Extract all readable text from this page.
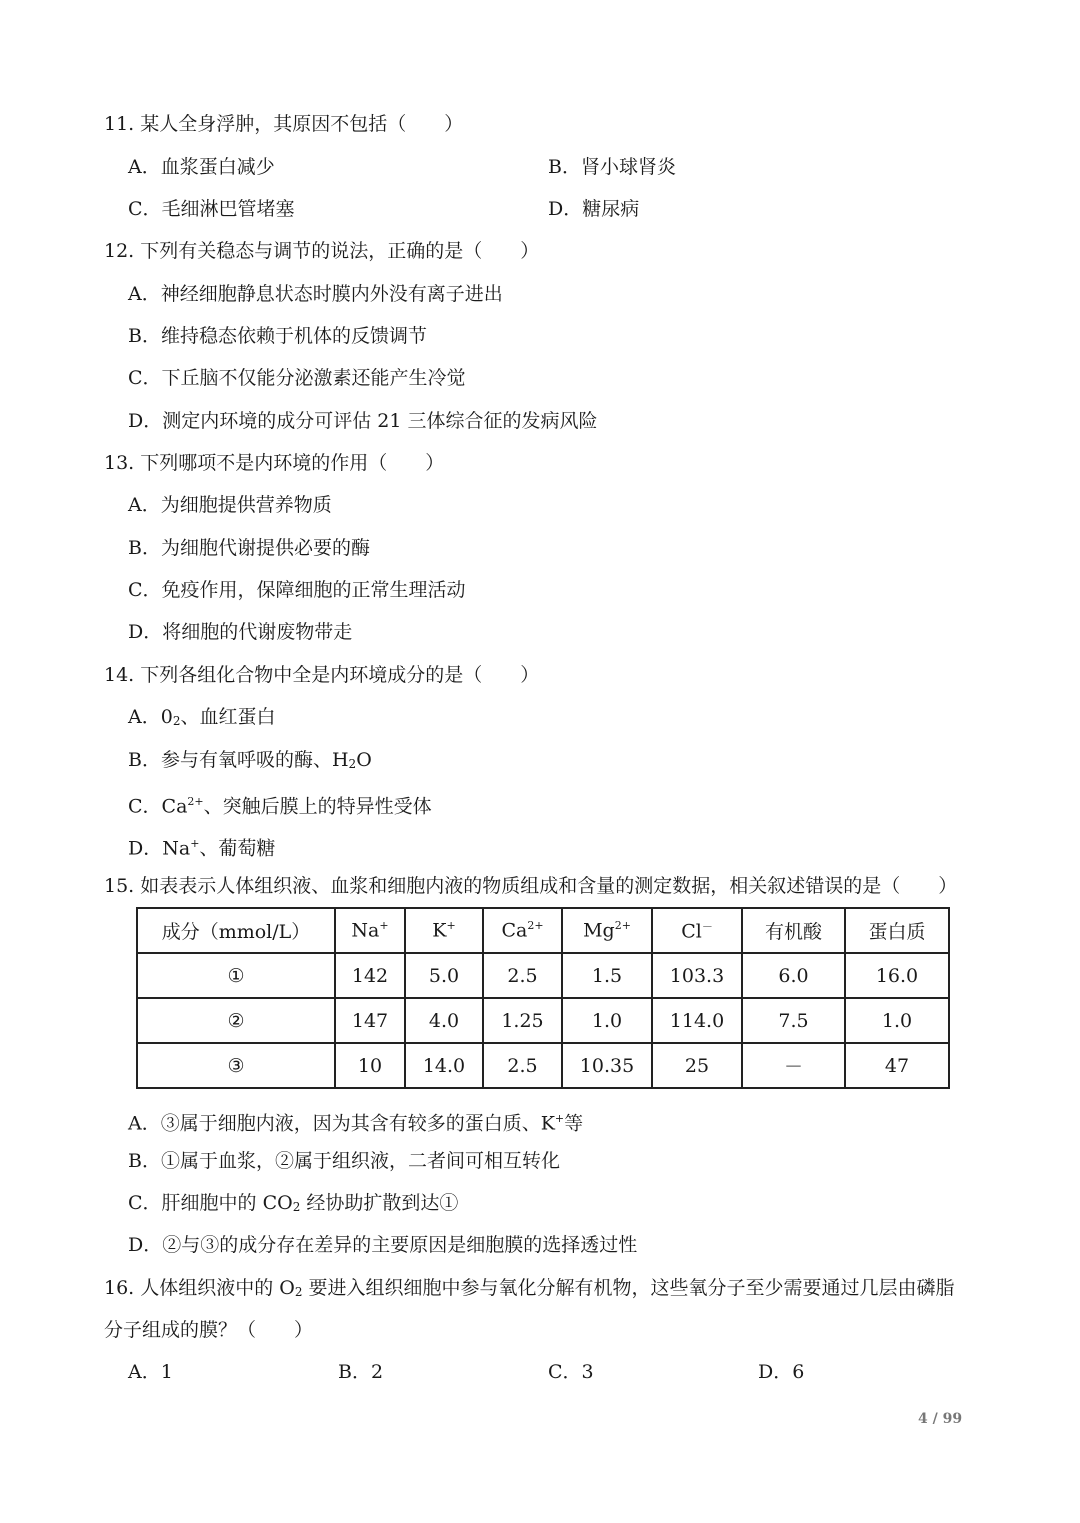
11. 某人全身浮肿，其原因不包括（　　）
A．血浆蛋白减少	B．肾小球肾炎
C．毛细淋巴管堵塞	D．糖尿病
12. 下列有关稳态与调节的说法，正确的是（　　）
A．神经细胞静息状态时膜内外没有离子进出
B．维持稳态依赖于机体的反馈调节
C．下丘脑不仅能分泌激素还能产生冷觉
D．测定内环境的成分可评估 21 三体综合征的发病风险
13. 下列哪项不是内环境的作用（　　）
A．为细胞提供营养物质
B．为细胞代谢提供必要的酶
C．免疫作用，保障细胞的正常生理活动
D．将细胞的代谢废物带走
14. 下列各组化合物中全是内环境成分的是（　　）
A．$0_2$、血红蛋白
B．参与有氧呼吸的酶、$H_2O$
C．$Ca^{2+}$、突触后膜上的特异性受体
D．Na+、葡萄糖
15. 如表表示人体组织液、血浆和细胞内液的物质组成和含量的测定数据，相关叙述错误的是（　　）
成分（mmol/L）	Na+	K+	$Ca^{2+}$	$Mg^{2+}$	Cl－	有机酸	蛋白质
①	142	5.0	2.5	1.5	103.3	6.0	16.0
②	147	4.0	1.25	1.0	114.0	7.5	1.0
③	10	14.0	2.5	10.35	25	－	47
A．③属于细胞内液，因为其含有较多的蛋白质、K+等
B．①属于血浆，②属于组织液，二者间可相互转化
C．肝细胞中的 $CO_2$ 经协助扩散到达①
D．②与③的成分存在差异的主要原因是细胞膜的选择透过性
16. 人体组织液中的 $O_2$ 要进入组织细胞中参与氧化分解有机物，这些氧分子至少需要通过几层由磷脂
分子组成的膜？（　　）
A．1	B．2	C．3	D．6
4 / 99
